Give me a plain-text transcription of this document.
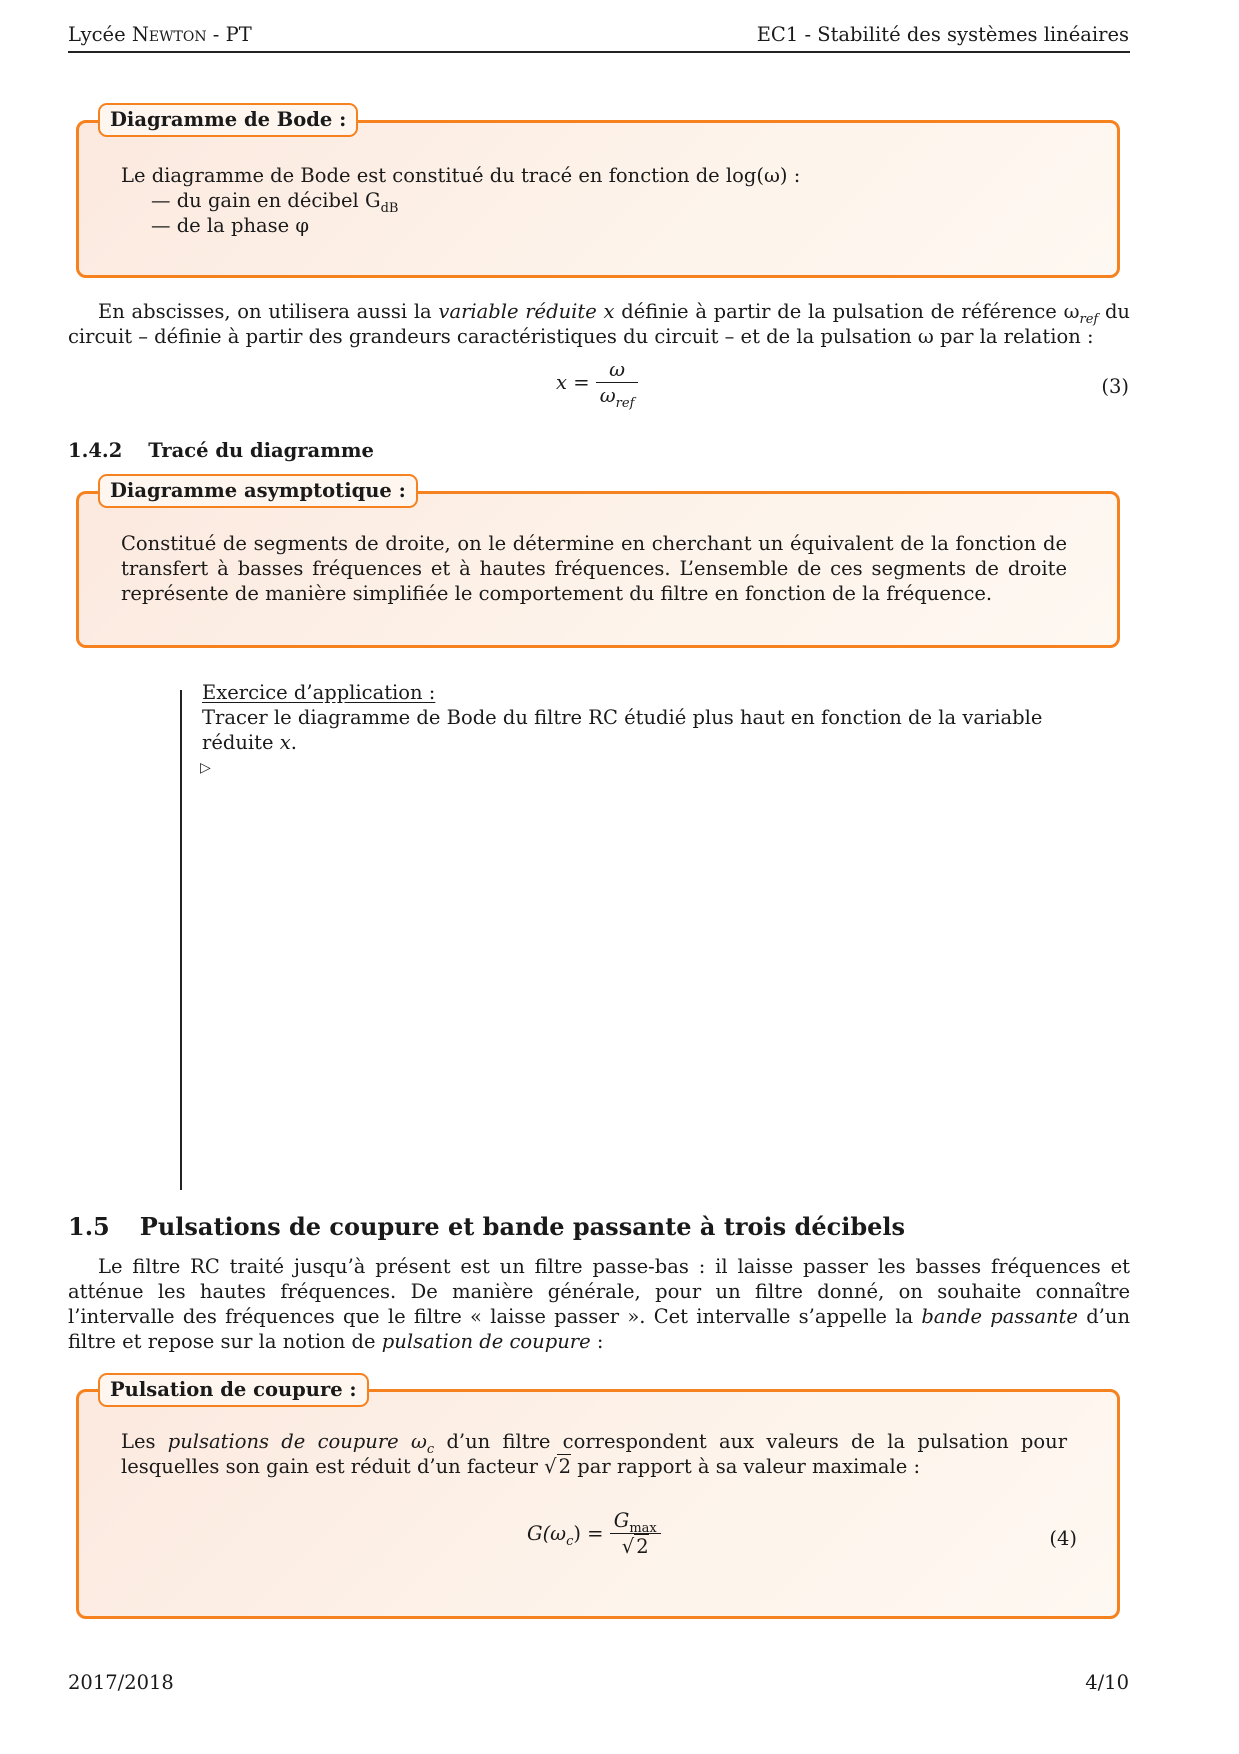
Lycée Newton - PT	EC1 - Stabilité des systèmes linéaires
Le diagramme de Bode est constitué du tracé en fonction de log(ω) :
— du gain en décibel $G_{dB}$
— de la phase φ
Diagramme de Bode :
En abscisses, on utilisera aussi la variable réduite x définie à partir de la pulsation de référence $\omega_{ref}$ du circuit – définie à partir des grandeurs caractéristiques du circuit – et de la pulsation ω par la relation :
$x = \frac{\omega}{\omega_{ref}}$	(3)
1.4.2 Tracé du diagramme
Constitué de segments de droite, on le détermine en cherchant un équivalent de la fonction de transfert à basses fréquences et à hautes fréquences. L’ensemble de ces segments de droite représente de manière simplifiée le comportement du filtre en fonction de la fréquence.
Diagramme asymptotique :
Exercice d’application :
Tracer le diagramme de Bode du filtre RC étudié plus haut en fonction de la variable réduite x.
▷
1.5 Pulsations de coupure et bande passante à trois décibels
Le filtre RC traité jusqu’à présent est un filtre passe-bas : il laisse passer les basses fréquences et atténue les hautes fréquences. De manière générale, pour un filtre donné, on souhaite connaître l’intervalle des fréquences que le filtre « laisse passer ». Cet intervalle s’appelle la bande passante d’un filtre et repose sur la notion de pulsation de coupure :
Les pulsations de coupure $\omega_c$ d’un filtre correspondent aux valeurs de la pulsation pour lesquelles son gain est réduit d’un facteur √ 2 par rapport à sa valeur maximale :
$G(\omega_c) = \frac{G_{max}}{√ 2}$	(4)
Pulsation de coupure :
2017/2018	4/10
